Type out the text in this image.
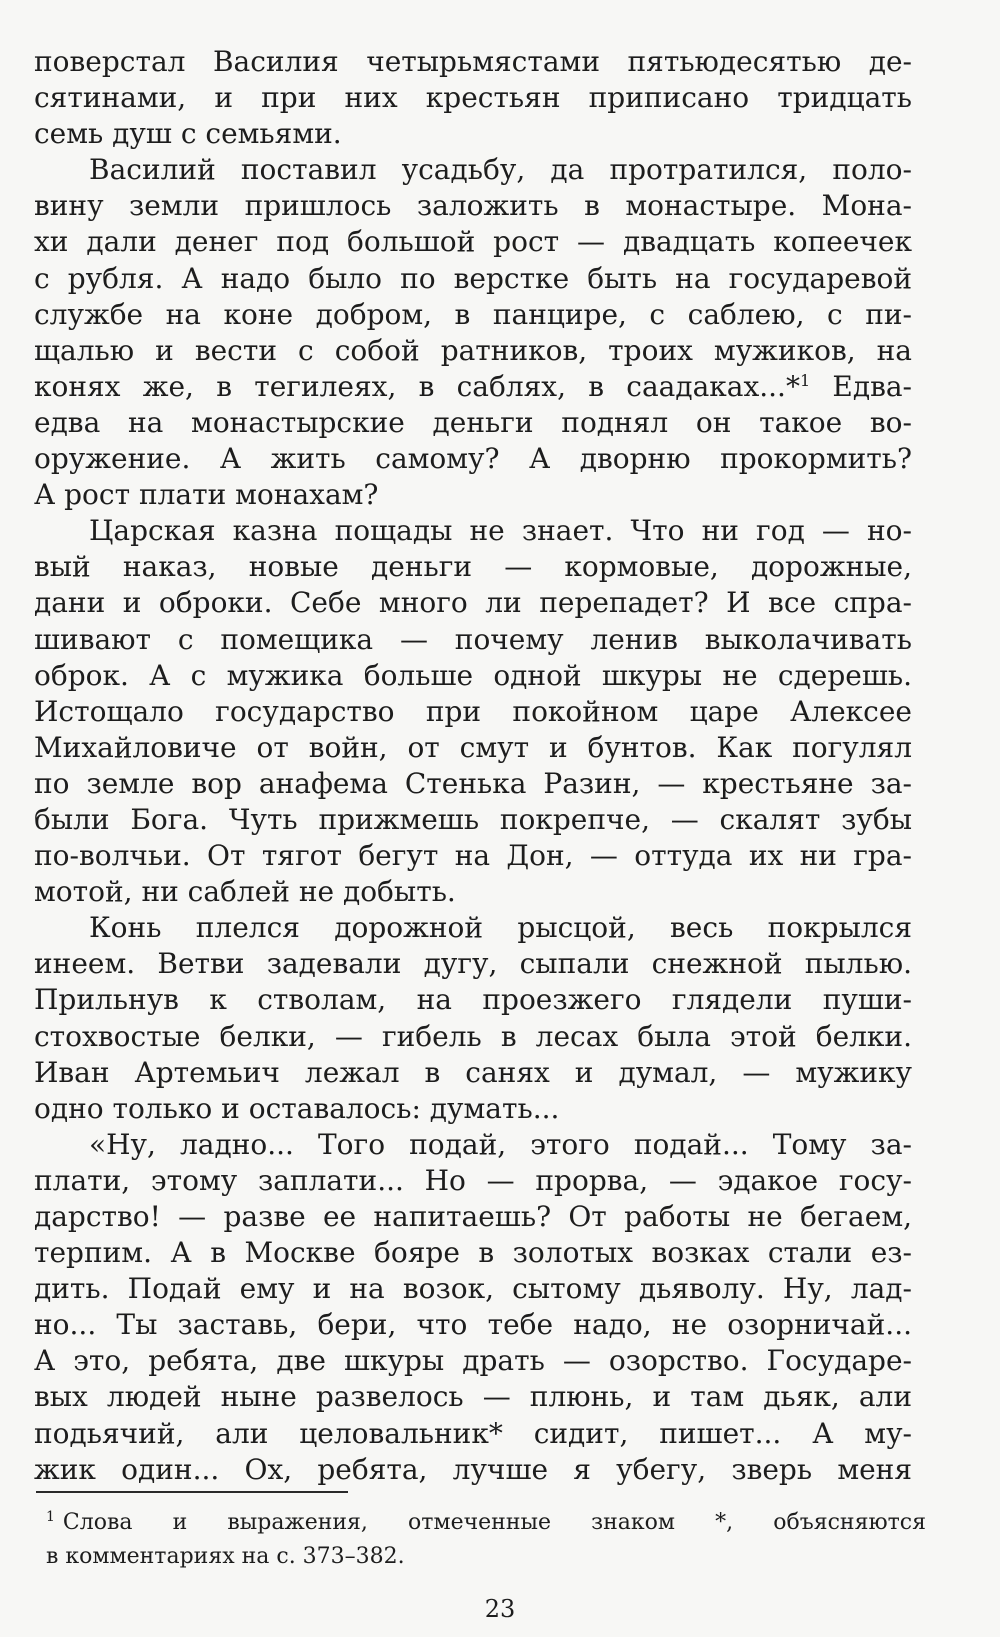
поверстал Василия четырьмястами пятьюдесятью де-
сятинами, и при них крестьян приписано тридцать
семь душ с семьями.
Василий поставил усадьбу, да протратился, поло-
вину земли пришлось заложить в монастыре. Мона-
хи дали денег под большой рост — двадцать копеечек
с рубля. А надо было по верстке быть на государевой
службе на коне добром, в панцире, с саблею, с пи-
щалью и вести с собой ратников, троих мужиков, на
конях же, в тегилеях, в саблях, в саадаках...*$^1$ Едва-
едва на монастырские деньги поднял он такое во-
оружение. А жить самому? А дворню прокормить?
А рост плати монахам?
Царская казна пощады не знает. Что ни год — но-
вый наказ, новые деньги — кормовые, дорожные,
дани и оброки. Себе много ли перепадет? И все спра-
шивают с помещика — почему ленив выколачивать
оброк. А с мужика больше одной шкуры не сдерешь.
Истощало государство при покойном царе Алексее
Михайловиче от войн, от смут и бунтов. Как погулял
по земле вор анафема Стенька Разин, — крестьяне за-
были Бога. Чуть прижмешь покрепче, — скалят зубы
по-волчьи. От тягот бегут на Дон, — оттуда их ни гра-
мотой, ни саблей не добыть.
Конь плелся дорожной рысцой, весь покрылся
инеем. Ветви задевали дугу, сыпали снежной пылью.
Прильнув к стволам, на проезжего глядели пуши-
стохвостые белки, — гибель в лесах была этой белки.
Иван Артемьич лежал в санях и думал, — мужику
одно только и оставалось: думать...
«Ну, ладно... Того подай, этого подай... Тому за-
плати, этому заплати... Но — прорва, — эдакое госу-
дарство! — разве ее напитаешь? От работы не бегаем,
терпим. А в Москве бояре в золотых возках стали ез-
дить. Подай ему и на возок, сытому дьяволу. Ну, лад-
но... Ты заставь, бери, что тебе надо, не озорничай...
А это, ребята, две шкуры драть — озорство. Государе-
вых людей ныне развелось — плюнь, и там дьяк, али
подьячий, али целовальник* сидит, пишет... А му-
жик один... Ох, ребята, лучше я убегу, зверь меня
$^1$ Слова и выражения, отмеченные знаком *, объясняются
в комментариях на с. 373–382.
23
